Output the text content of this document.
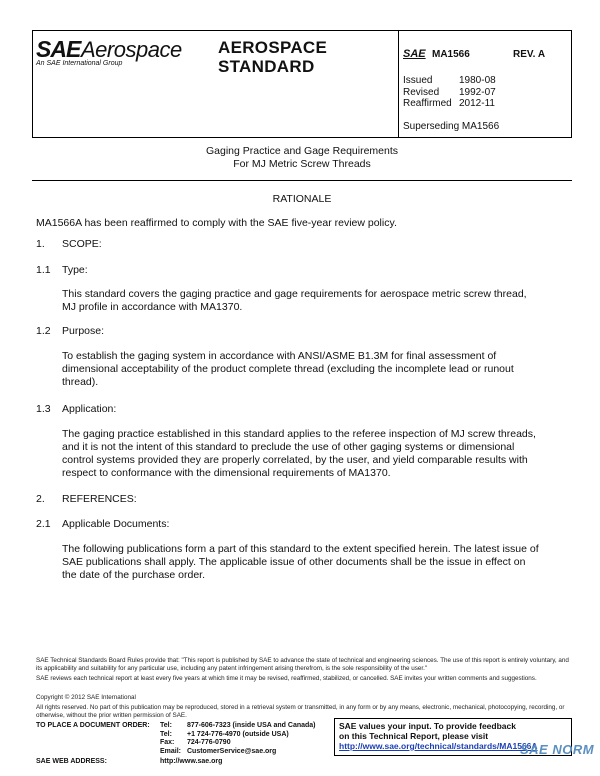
SAE Aerospace
An SAE International Group
AEROSPACE
STANDARD
SAE MA1566	REV. A
Issued	1980-08
Revised 1992-07
Reaffirmed 2012-11
Superseding MA1566
Gaging Practice and Gage Requirements
For MJ Metric Screw Threads
RATIONALE
MA1566A has been reaffirmed to comply with the SAE five-year review policy.
1. SCOPE:
1.1 Type:
This standard covers the gaging practice and gage requirements for aerospace metric screw thread, MJ profile in accordance with MA1370.
1.2 Purpose:
To establish the gaging system in accordance with ANSI/ASME B1.3M for final assessment of dimensional acceptability of the product complete thread (excluding the incomplete lead or runout thread).
1.3 Application:
The gaging practice established in this standard applies to the referee inspection of MJ screw threads, and it is not the intent of this standard to preclude the use of other gaging systems or dimensional control systems provided they are properly correlated, by the user, and yield comparable results with respect to conformance with the dimensional requirements of MA1370.
2. REFERENCES:
2.1 Applicable Documents:
The following publications form a part of this standard to the extent specified herein. The latest issue of SAE publications shall apply. The applicable issue of other documents shall be the issue in effect on the date of the purchase order.
SAE Technical Standards Board Rules provide that: "This report is published by SAE to advance the state of technical and engineering sciences. The use of this report is entirely voluntary, and its applicability and suitability for any particular use, including any patent infringement arising therefrom, is the sole responsibility of the user."
SAE reviews each technical report at least every five years at which time it may be revised, reaffirmed, stabilized, or cancelled. SAE invites your written comments and suggestions.
Copyright © 2012 SAE International
All rights reserved. No part of this publication may be reproduced, stored in a retrieval system or transmitted, in any form or by any means, electronic, mechanical, photocopying, recording, or otherwise, without the prior written permission of SAE.
TO PLACE A DOCUMENT ORDER: Tel: 877-606-7323 (inside USA and Canada)
Tel: +1 724-776-4970 (outside USA)
Fax: 724-776-0790
Email: CustomerService@sae.org
SAE WEB ADDRESS:	http://www.sae.org
SAE values your input. To provide feedback
on this Technical Report, please visit
http://www.sae.org/technical/standards/MA1566A
SAE NORM
